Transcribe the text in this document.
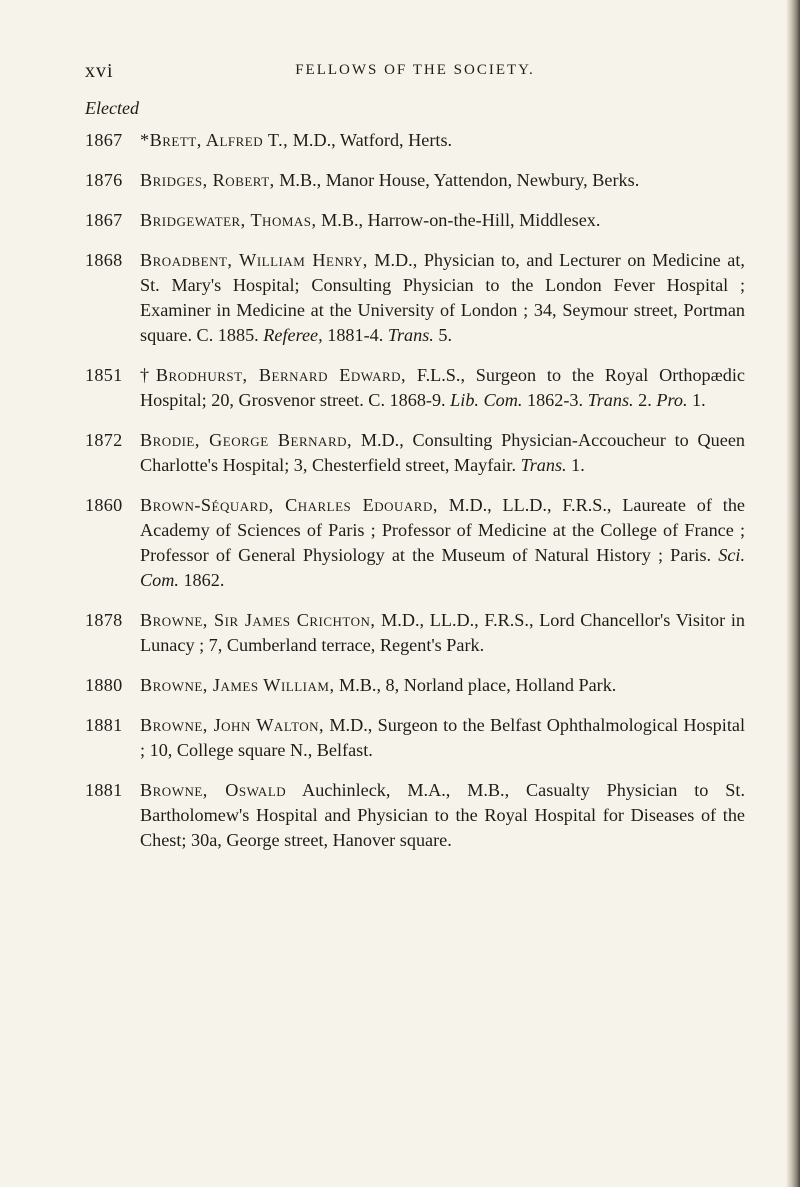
xvi	FELLOWS OF THE SOCIETY.
Elected
1867 *Brett, Alfred T., M.D., Watford, Herts.
1876 Bridges, Robert, M.B., Manor House, Yattendon, Newbury, Berks.
1867 Bridgewater, Thomas, M.B., Harrow-on-the-Hill, Middlesex.
1868 Broadbent, William Henry, M.D., Physician to, and Lecturer on Medicine at, St. Mary's Hospital; Consulting Physician to the London Fever Hospital ; Examiner in Medicine at the University of London ; 34, Seymour street, Portman square. C. 1885. Referee, 1881-4. Trans. 5.
1851 †Brodhurst, Bernard Edward, F.L.S., Surgeon to the Royal Orthopædic Hospital; 20, Grosvenor street. C. 1868-9. Lib. Com. 1862-3. Trans. 2. Pro. 1.
1872 Brodie, George Bernard, M.D., Consulting Physician-Accoucheur to Queen Charlotte's Hospital; 3, Chesterfield street, Mayfair. Trans. 1.
1860 Brown-Séquard, Charles Edouard, M.D., LL.D., F.R.S., Laureate of the Academy of Sciences of Paris ; Professor of Medicine at the College of France ; Professor of General Physiology at the Museum of Natural History ; Paris. Sci. Com. 1862.
1878 Browne, Sir James Crichton, M.D., LL.D., F.R.S., Lord Chancellor's Visitor in Lunacy ; 7, Cumberland terrace, Regent's Park.
1880 Browne, James William, M.B., 8, Norland place, Holland Park.
1881 Browne, John Walton, M.D., Surgeon to the Belfast Ophthalmological Hospital ; 10, College square N., Belfast.
1881 Browne, Oswald Auchinleck, M.A., M.B., Casualty Physician to St. Bartholomew's Hospital and Physician to the Royal Hospital for Diseases of the Chest; 30a, George street, Hanover square.
